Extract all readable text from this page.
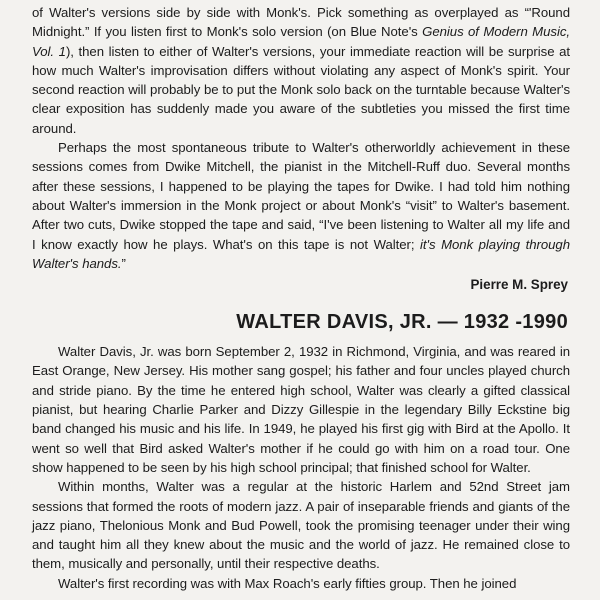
of Walter's versions side by side with Monk's. Pick something as overplayed as “'Round Midnight.” If you listen first to Monk's solo version (on Blue Note's Genius of Modern Music, Vol. 1), then listen to either of Walter's versions, your immediate reaction will be surprise at how much Walter's improvisation differs without violating any aspect of Monk's spirit. Your second reaction will probably be to put the Monk solo back on the turntable because Walter's clear exposition has suddenly made you aware of the subtleties you missed the first time around.

Perhaps the most spontaneous tribute to Walter's otherworldly achievement in these sessions comes from Dwike Mitchell, the pianist in the Mitchell-Ruff duo. Several months after these sessions, I happened to be playing the tapes for Dwike. I had told him nothing about Walter's immersion in the Monk project or about Monk's “visit” to Walter's basement. After two cuts, Dwike stopped the tape and said, “I've been listening to Walter all my life and I know exactly how he plays. What's on this tape is not Walter; it's Monk playing through Walter's hands.”

Pierre M. Sprey

WALTER DAVIS, JR. — 1932 -1990

Walter Davis, Jr. was born September 2, 1932 in Richmond, Virginia, and was reared in East Orange, New Jersey. His mother sang gospel; his father and four uncles played church and stride piano. By the time he entered high school, Walter was clearly a gifted classical pianist, but hearing Charlie Parker and Dizzy Gillespie in the legendary Billy Eckstine big band changed his music and his life. In 1949, he played his first gig with Bird at the Apollo. It went so well that Bird asked Walter's mother if he could go with him on a road tour. One show happened to be seen by his high school principal; that finished school for Walter.

Within months, Walter was a regular at the historic Harlem and 52nd Street jam sessions that formed the roots of modern jazz. A pair of inseparable friends and giants of the jazz piano, Thelonious Monk and Bud Powell, took the promising teenager under their wing and taught him all they knew about the music and the world of jazz. He remained close to them, musically and personally, until their respective deaths.

Walter's first recording was with Max Roach's early fifties group. Then he joined
